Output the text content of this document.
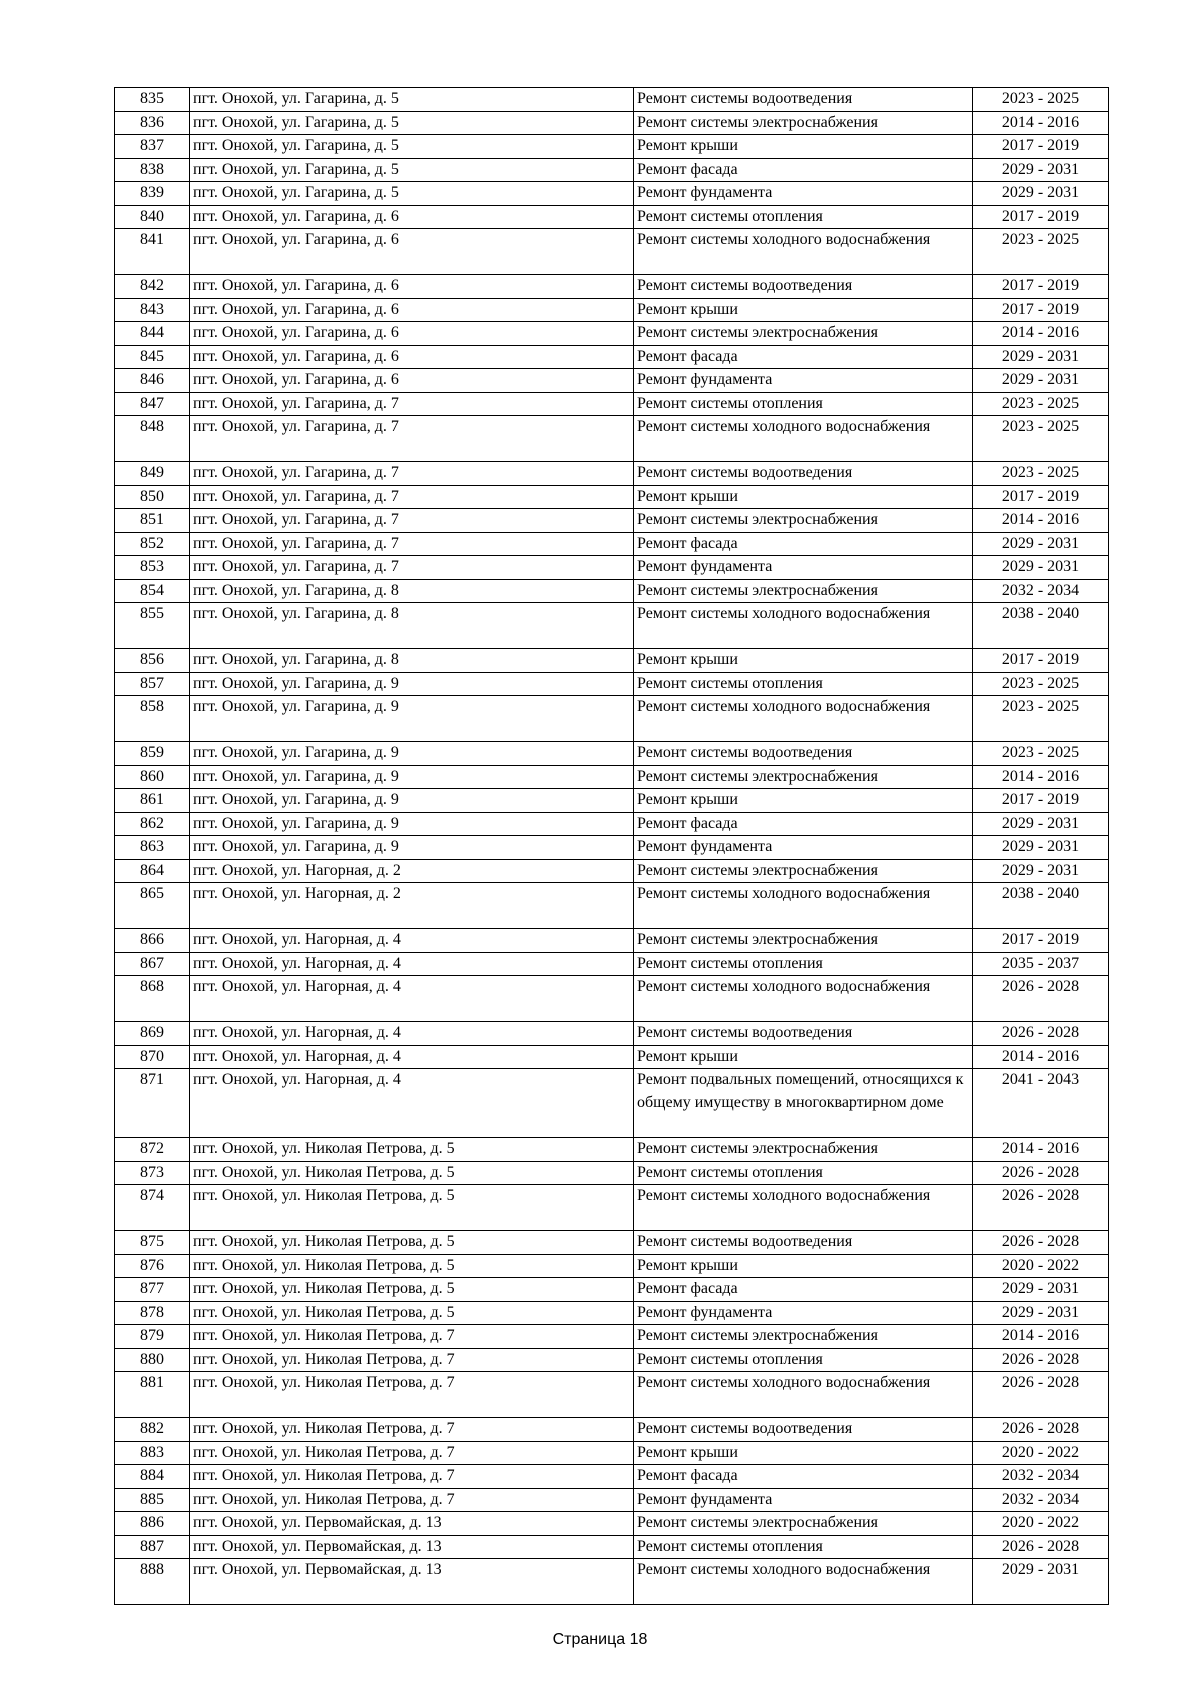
835	пгт. Онохой, ул. Гагарина, д. 5	Ремонт системы водоотведения	2023 - 2025
836	пгт. Онохой, ул. Гагарина, д. 5	Ремонт системы электроснабжения	2014 - 2016
837	пгт. Онохой, ул. Гагарина, д. 5	Ремонт крыши	2017 - 2019
838	пгт. Онохой, ул. Гагарина, д. 5	Ремонт фасада	2029 - 2031
839	пгт. Онохой, ул. Гагарина, д. 5	Ремонт фундамента	2029 - 2031
840	пгт. Онохой, ул. Гагарина, д. 6	Ремонт системы отопления	2017 - 2019
841	пгт. Онохой, ул. Гагарина, д. 6	Ремонт системы холодного водоснабжения	2023 - 2025
842	пгт. Онохой, ул. Гагарина, д. 6	Ремонт системы водоотведения	2017 - 2019
843	пгт. Онохой, ул. Гагарина, д. 6	Ремонт крыши	2017 - 2019
844	пгт. Онохой, ул. Гагарина, д. 6	Ремонт системы электроснабжения	2014 - 2016
845	пгт. Онохой, ул. Гагарина, д. 6	Ремонт фасада	2029 - 2031
846	пгт. Онохой, ул. Гагарина, д. 6	Ремонт фундамента	2029 - 2031
847	пгт. Онохой, ул. Гагарина, д. 7	Ремонт системы отопления	2023 - 2025
848	пгт. Онохой, ул. Гагарина, д. 7	Ремонт системы холодного водоснабжения	2023 - 2025
849	пгт. Онохой, ул. Гагарина, д. 7	Ремонт системы водоотведения	2023 - 2025
850	пгт. Онохой, ул. Гагарина, д. 7	Ремонт крыши	2017 - 2019
851	пгт. Онохой, ул. Гагарина, д. 7	Ремонт системы электроснабжения	2014 - 2016
852	пгт. Онохой, ул. Гагарина, д. 7	Ремонт фасада	2029 - 2031
853	пгт. Онохой, ул. Гагарина, д. 7	Ремонт фундамента	2029 - 2031
854	пгт. Онохой, ул. Гагарина, д. 8	Ремонт системы электроснабжения	2032 - 2034
855	пгт. Онохой, ул. Гагарина, д. 8	Ремонт системы холодного водоснабжения	2038 - 2040
856	пгт. Онохой, ул. Гагарина, д. 8	Ремонт крыши	2017 - 2019
857	пгт. Онохой, ул. Гагарина, д. 9	Ремонт системы отопления	2023 - 2025
858	пгт. Онохой, ул. Гагарина, д. 9	Ремонт системы холодного водоснабжения	2023 - 2025
859	пгт. Онохой, ул. Гагарина, д. 9	Ремонт системы водоотведения	2023 - 2025
860	пгт. Онохой, ул. Гагарина, д. 9	Ремонт системы электроснабжения	2014 - 2016
861	пгт. Онохой, ул. Гагарина, д. 9	Ремонт крыши	2017 - 2019
862	пгт. Онохой, ул. Гагарина, д. 9	Ремонт фасада	2029 - 2031
863	пгт. Онохой, ул. Гагарина, д. 9	Ремонт фундамента	2029 - 2031
864	пгт. Онохой, ул. Нагорная, д. 2	Ремонт системы электроснабжения	2029 - 2031
865	пгт. Онохой, ул. Нагорная, д. 2	Ремонт системы холодного водоснабжения	2038 - 2040
866	пгт. Онохой, ул. Нагорная, д. 4	Ремонт системы электроснабжения	2017 - 2019
867	пгт. Онохой, ул. Нагорная, д. 4	Ремонт системы отопления	2035 - 2037
868	пгт. Онохой, ул. Нагорная, д. 4	Ремонт системы холодного водоснабжения	2026 - 2028
869	пгт. Онохой, ул. Нагорная, д. 4	Ремонт системы водоотведения	2026 - 2028
870	пгт. Онохой, ул. Нагорная, д. 4	Ремонт крыши	2014 - 2016
871	пгт. Онохой, ул. Нагорная, д. 4	Ремонт подвальных помещений, относящихся к общему имуществу в многоквартирном доме	2041 - 2043
872	пгт. Онохой, ул. Николая Петрова, д. 5	Ремонт системы электроснабжения	2014 - 2016
873	пгт. Онохой, ул. Николая Петрова, д. 5	Ремонт системы отопления	2026 - 2028
874	пгт. Онохой, ул. Николая Петрова, д. 5	Ремонт системы холодного водоснабжения	2026 - 2028
875	пгт. Онохой, ул. Николая Петрова, д. 5	Ремонт системы водоотведения	2026 - 2028
876	пгт. Онохой, ул. Николая Петрова, д. 5	Ремонт крыши	2020 - 2022
877	пгт. Онохой, ул. Николая Петрова, д. 5	Ремонт фасада	2029 - 2031
878	пгт. Онохой, ул. Николая Петрова, д. 5	Ремонт фундамента	2029 - 2031
879	пгт. Онохой, ул. Николая Петрова, д. 7	Ремонт системы электроснабжения	2014 - 2016
880	пгт. Онохой, ул. Николая Петрова, д. 7	Ремонт системы отопления	2026 - 2028
881	пгт. Онохой, ул. Николая Петрова, д. 7	Ремонт системы холодного водоснабжения	2026 - 2028
882	пгт. Онохой, ул. Николая Петрова, д. 7	Ремонт системы водоотведения	2026 - 2028
883	пгт. Онохой, ул. Николая Петрова, д. 7	Ремонт крыши	2020 - 2022
884	пгт. Онохой, ул. Николая Петрова, д. 7	Ремонт фасада	2032 - 2034
885	пгт. Онохой, ул. Николая Петрова, д. 7	Ремонт фундамента	2032 - 2034
886	пгт. Онохой, ул. Первомайская, д. 13	Ремонт системы электроснабжения	2020 - 2022
887	пгт. Онохой, ул. Первомайская, д. 13	Ремонт системы отопления	2026 - 2028
888	пгт. Онохой, ул. Первомайская, д. 13	Ремонт системы холодного водоснабжения	2029 - 2031
Страница 18
